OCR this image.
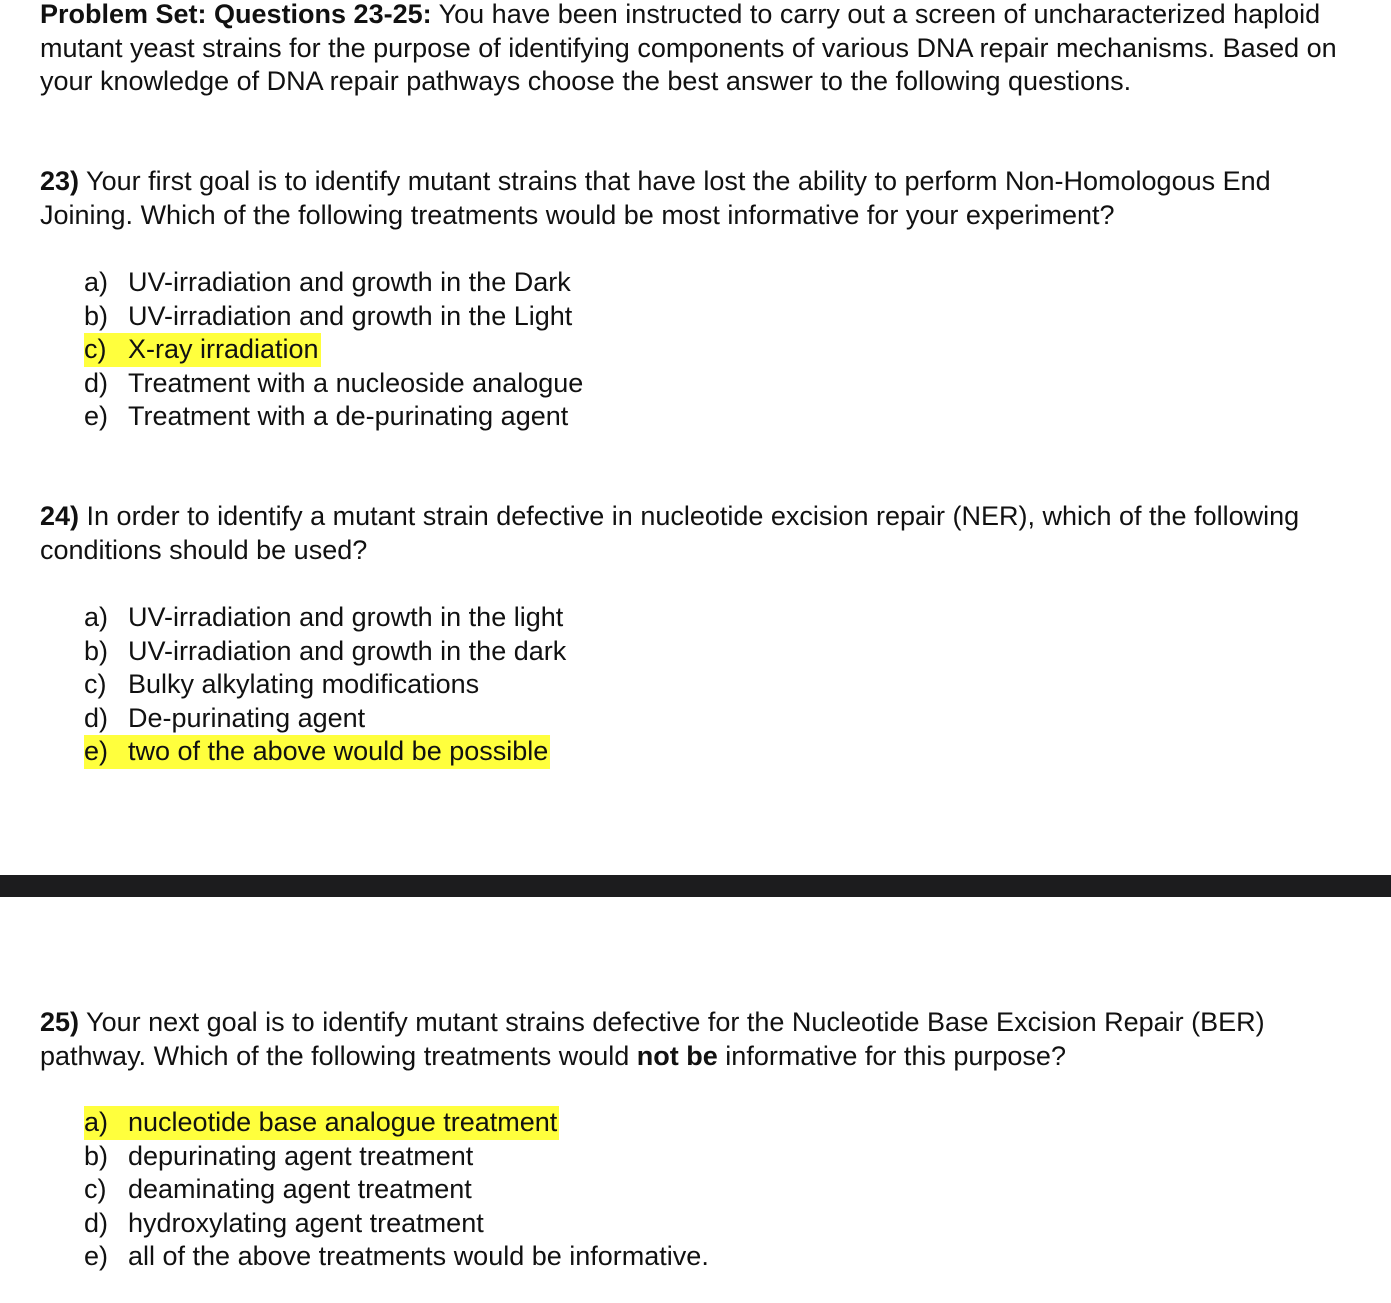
Problem Set: Questions 23-25: You have been instructed to carry out a screen of uncharacterized haploid mutant yeast strains for the purpose of identifying components of various DNA repair mechanisms. Based on your knowledge of DNA repair pathways choose the best answer to the following questions.
23) Your first goal is to identify mutant strains that have lost the ability to perform Non-Homologous End Joining. Which of the following treatments would be most informative for your experiment?
a) UV-irradiation and growth in the Dark
b) UV-irradiation and growth in the Light
c) X-ray irradiation
d) Treatment with a nucleoside analogue
e) Treatment with a de-purinating agent
24) In order to identify a mutant strain defective in nucleotide excision repair (NER), which of the following conditions should be used?
a) UV-irradiation and growth in the light
b) UV-irradiation and growth in the dark
c) Bulky alkylating modifications
d) De-purinating agent
e) two of the above would be possible
25) Your next goal is to identify mutant strains defective for the Nucleotide Base Excision Repair (BER) pathway. Which of the following treatments would not be informative for this purpose?
a) nucleotide base analogue treatment
b) depurinating agent treatment
c) deaminating agent treatment
d) hydroxylating agent treatment
e) all of the above treatments would be informative.
